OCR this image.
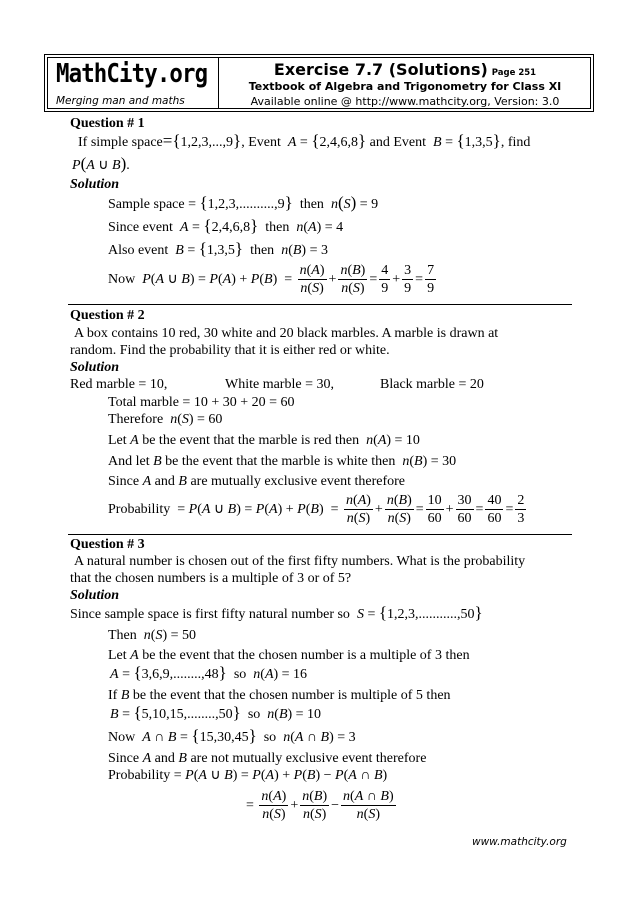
MathCity.org
Merging man and maths
Exercise 7.7 (Solutions) Page 251
Textbook of Algebra and Trigonometry for Class XI
Available online @ http://www.mathcity.org, Version: 3.0
Question # 1
If simple space={1,2,3,...,9}, Event  A = {2,4,6,8} and Event  B = {1,3,5}, find
P(A ∪ B).
Solution
Sample space = {1,2,3,..........,9}  then  n(S) = 9
Since event  A = {2,4,6,8}  then  n(A) = 4
Also event  B = {1,3,5}  then  n(B) = 3
Now  P(A ∪ $B) = P(A) + P(B) = \frac{n(A)}{n(S)} + \frac{n(B)}{n(S)} = \frac{4}{9} + \frac{3}{9} = \frac{7}{9}$
Question # 2
A box contains 10 red, 30 white and 20 black marbles. A marble is drawn at
random. Find the probability that it is either red or white.
Solution
Red marble = 10,	White marble = 30,	Black marble = 20
Total marble = 10 + 30 + 20 = 60
Therefore  n(S) = 60
Let A be the event that the marble is red then  n(A) = 10
And let B be the event that the marble is white then  n(B) = 30
Since A and B are mutually exclusive event therefore
Probability  = P(A ∪ $B) = P(A) + P(B) = \frac{n(A)}{n(S)} + \frac{n(B)}{n(S)} = \frac{10}{60} + \frac{30}{60} = \frac{40}{60} = \frac{2}{3}$
Question # 3
A natural number is chosen out of the first fifty numbers. What is the probability
that the chosen numbers is a multiple of 3 or of 5?
Solution
Since sample space is first fifty natural number so  S = {1,2,3,...........,50}
Then  n(S) = 50
Let A be the event that the chosen number is a multiple of 3 then
A = {3,6,9,........,48}  so  n(A) = 16
If B be the event that the chosen number is multiple of 5 then
B = {5,10,15,........,50}  so  n(B) = 10
Now  A ∩ B = {15,30,45}  so  n(A ∩ B) = 3
Since A and B are not mutually exclusive event therefore
Probability = P(A ∪ B) = P(A) + P(B) − P(A ∩ B)
= $\frac{n(A)}{n(S)} + \frac{n(B)}{n(S)} - \frac{n(A \cap B)}{n(S)}$
www.mathcity.org
